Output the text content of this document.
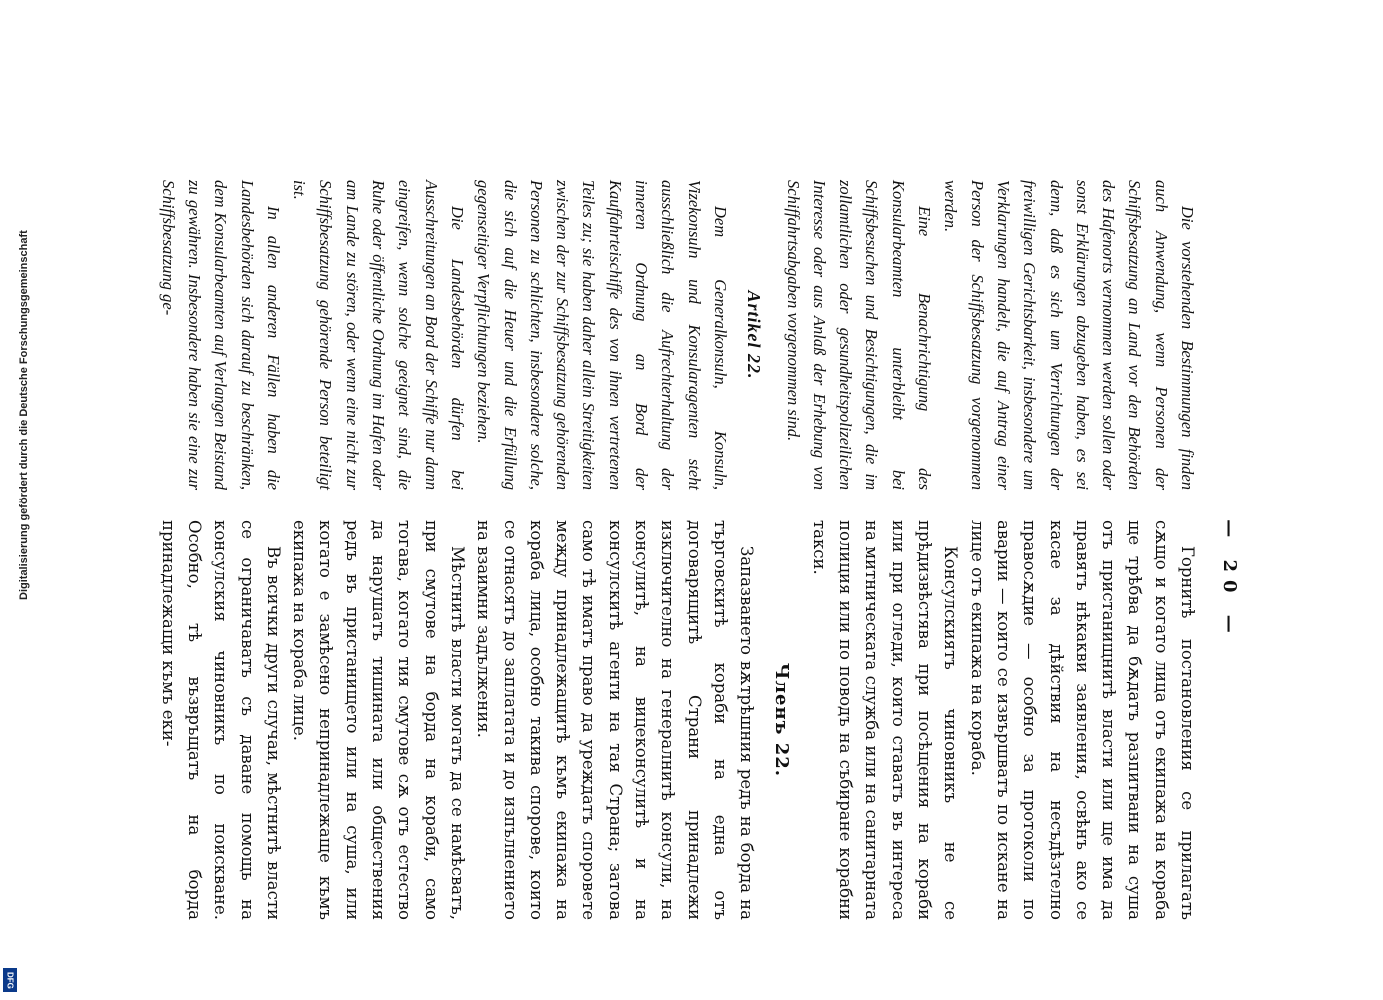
— 20 —

Die vorstehenden Bestimmungen finden auch Anwendung, wenn Personen der Schiffsbesatzung an Land vor den Behörden des Hafenorts vernommen werden sollen oder sonst Erklärungen abzugeben haben, es sei denn, daß es sich um Verrichtungen der freiwilligen Gerichtsbarkeit, insbesondere um Verklarungen handelt, die auf Antrag einer Person der Schiffsbesatzung vorgenommen werden.

Eine Benachrichtigung des Konsularbeamten unterbleibt bei Schiffsbesuchen und Besichtigungen, die im zollamtlichen oder gesundheitspolizeilichen Interesse oder aus Anlaß der Erhebung von Schiffahrtsabgaben vorgenommen sind.

Artikel 22.

Dem Generalkonsuln, Konsuln, Vizekonsuln und Konsularagenten steht ausschließlich die Aufrechterhaltung der inneren Ordnung an Bord der Kauffahrteischiffe des von ihnen vertretenen Teiles zu; sie haben daher allein Streitigkeiten zwischen der zur Schiffsbesatzung gehörenden Personen zu schlichten, insbesondere solche, die sich auf die Heuer und die Erfüllung gegenseitiger Verpflichtungen beziehen.

Die Landesbehörden dürfen bei Ausschreitungen an Bord der Schiffe nur dann eingreifen, wenn solche geeignet sind, die Ruhe oder öffentliche Ordnung im Hafen oder am Lande zu stören, oder wenn eine nicht zur Schiffsbesatzung gehörende Person beteiligt ist.

In allen anderen Fällen haben die Landesbehörden sich darauf zu beschränken, dem Konsularbeamten auf Verlangen Beistand zu gewähren. Insbesondere haben sie eine zur Schiffsbesatzung ge-

Горнитѣ постановления се прилагать сѫщо и когато лица отъ екипажа на кораба ще трѣбва да бѫдатъ разпитвани на суша отъ пристанищнитѣ власти или ще има да правятъ нѣкакви заявления, освѣнъ ако се касае за дѣйствия на несъдѣзтелно правосѫдие — особно за протоколи по аварии — които се извършватъ по искане на лице отъ екипажа на кораба.

Консулскиятъ чиновникъ не се прѣдизвѣстява при посѣщения на кораби или при огледи, които ставатъ въ интереса на митническата служба или на санитарната полиция или по поводъ на събиране корабни такси.

Членъ 22.

Запазването вѫтрѣшния редъ на борда на търговскитѣ кораби на една отъ договарящитѣ Страни принадлежи изключително на генералнитѣ консули, на консулитѣ, на вицеконсулитѣ и на консулскитѣ агенти на тая Страна; затова само тѣ иматъ право да уреждатъ споровете между принадлежащитѣ къмъ екипажа на кораба лица, особно такива спорове, които се отнасятъ до заплатата и до изпълнението на взаимни задължения.

Мѣстнитѣ власти могатъ да се намѣсватъ, при смутове на борда на кораби, само тогава, когато тия смутове сѫ отъ естество да нарушатъ тишината или обществения редъ въ пристанището или на суша, или когато е замѣсено непринадлежаще къмъ екипажа на кораба лице.

Въ всички други случаи, мѣстнитѣ власти се ограничаватъ съ даване помощь на консулския чиновникъ по поискване. Особно, тѣ възвръщатъ на борда принадлежащи къмъ еки-

Digitalisierung gefördert durch die Deutsche Forschungsgemeinschaft
DFG
